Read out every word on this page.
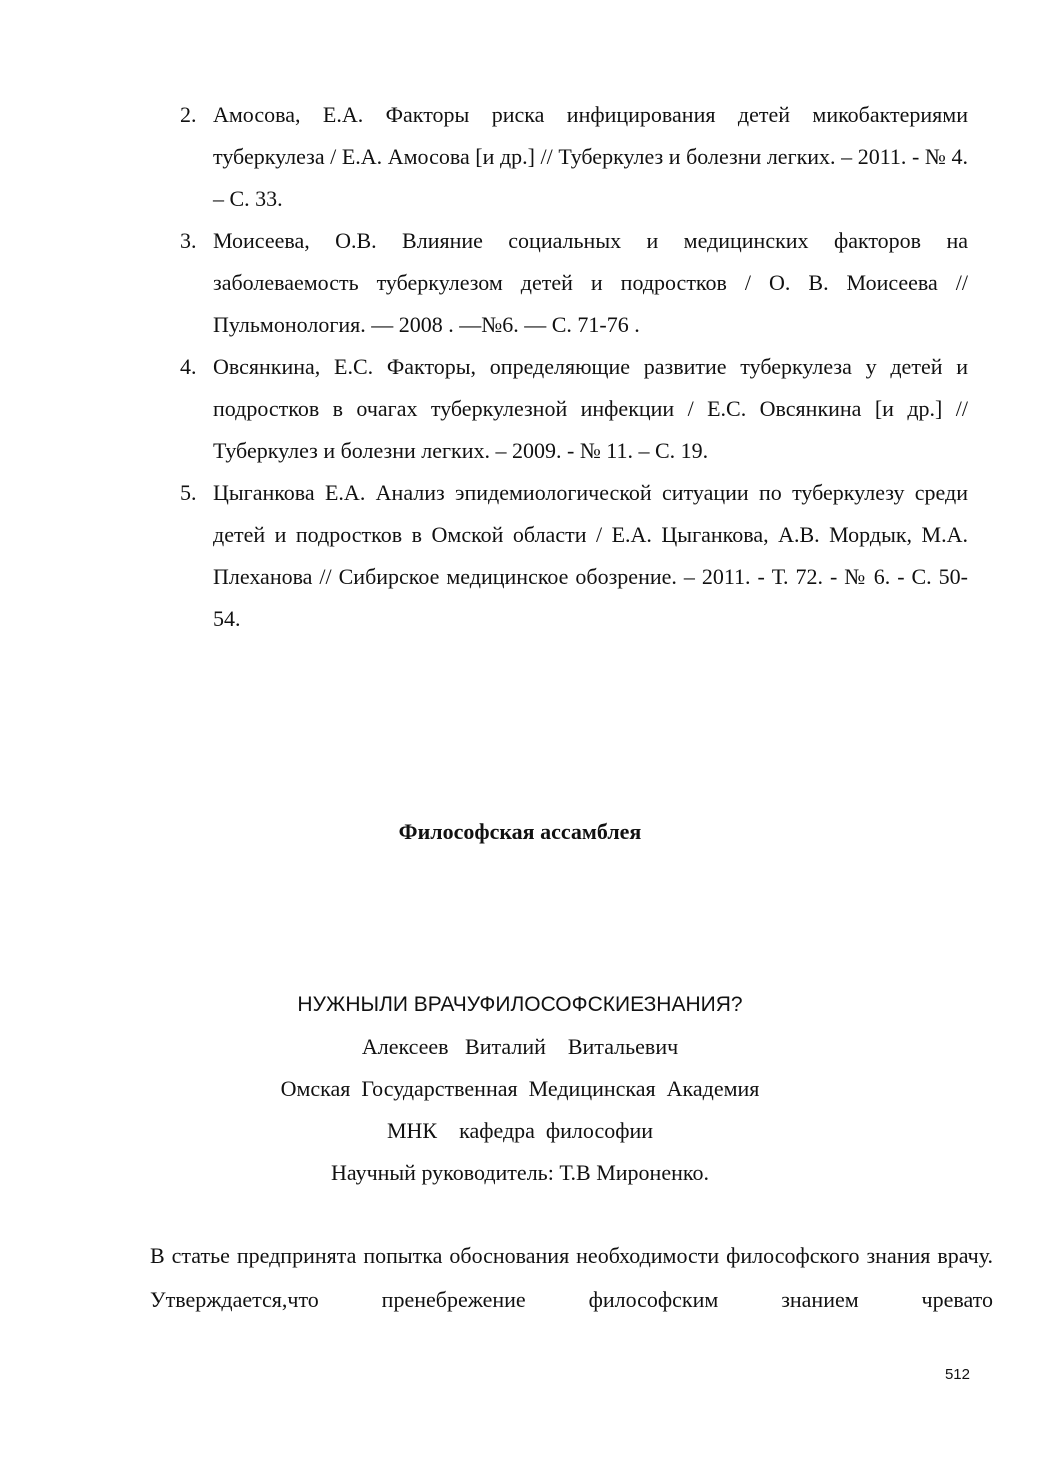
2. Амосова, Е.А. Факторы риска инфицирования детей микобактериями туберкулеза / Е.А. Амосова [и др.] // Туберкулез и болезни легких. – 2011. - № 4. – С. 33.
3. Моисеева, О.В. Влияние социальных и медицинских факторов на заболеваемость туберкулезом детей и подростков / О. В. Моисеева // Пульмонология. — 2008 . —№6. — С. 71-76 .
4. Овсянкина, Е.С. Факторы, определяющие развитие туберкулеза у детей и подростков в очагах туберкулезной инфекции / Е.С. Овсянкина [и др.] // Туберкулез и болезни легких. – 2009. - № 11. – С. 19.
5. Цыганкова Е.А. Анализ эпидемиологической ситуации по туберкулезу среди детей и подростков в Омской области / Е.А. Цыганкова, А.В. Мордык, М.А. Плеханова // Сибирское медицинское обозрение. – 2011. - Т. 72. - № 6. - С. 50-54.
Философская ассамблея
НУЖНЫЛИ ВРАЧУФИЛОСОФСКИЕЗНАНИЯ?
Алексеев   Виталий    Витальевич
Омская  Государственная  Медицинская  Академия
МНК    кафедра  философии
Научный руководитель: Т.В Мироненко.

В статье предпринята попытка обоснования необходимости философского знания врачу. Утверждается,что пренебрежение философским знанием чревато

512
